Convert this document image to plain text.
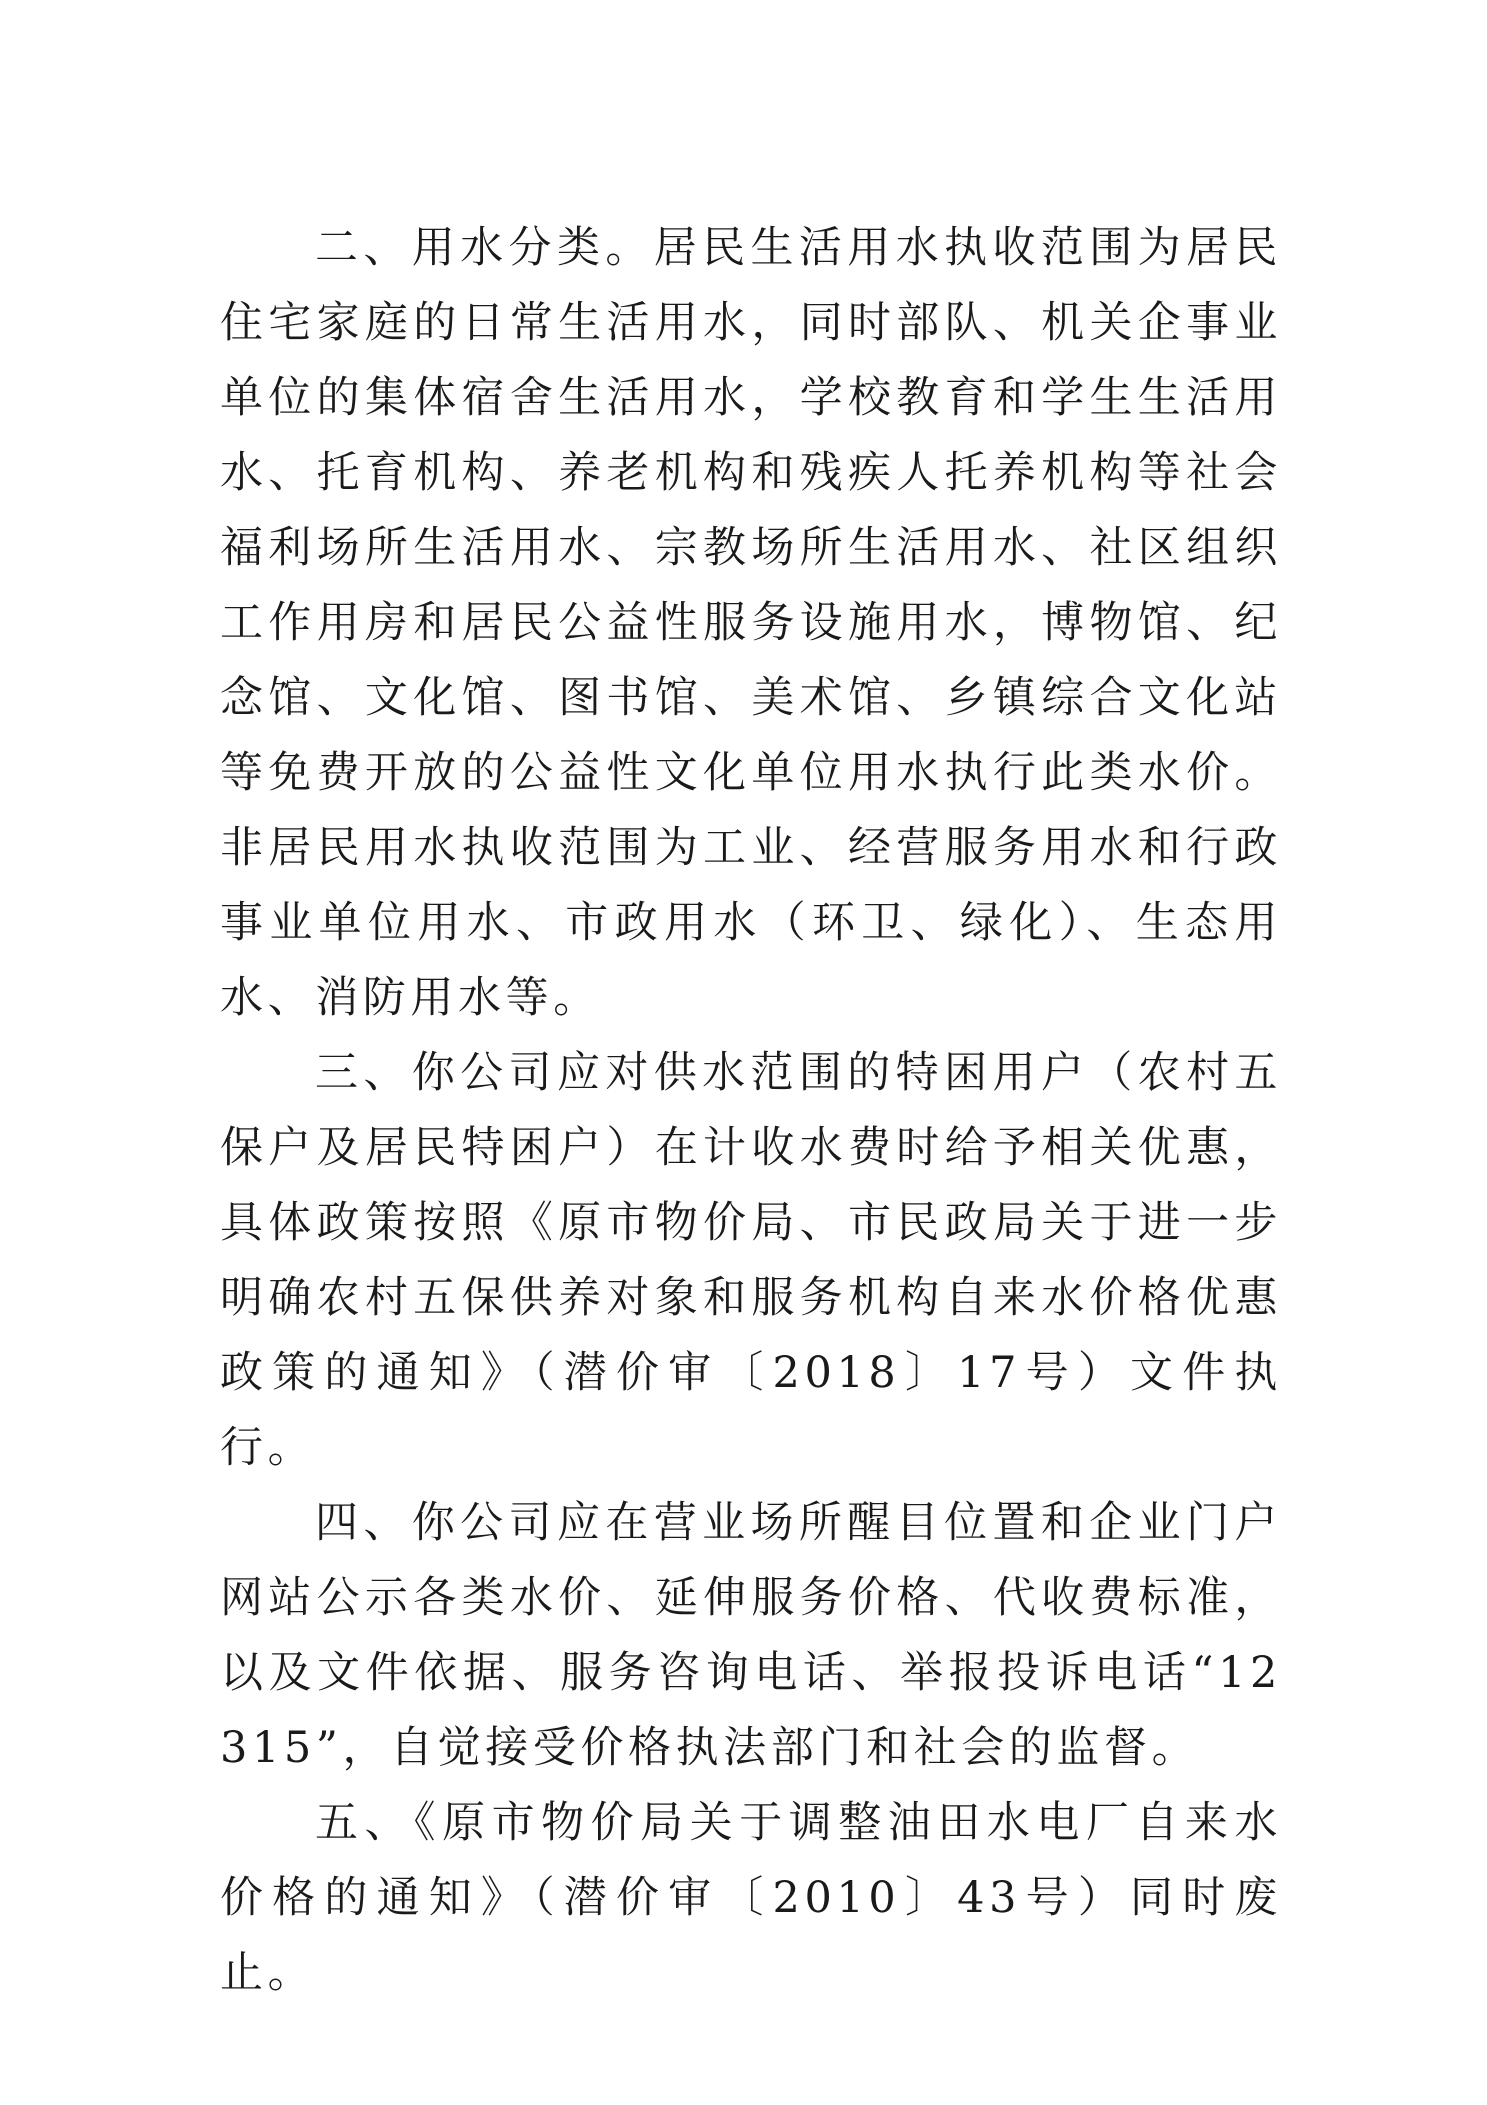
二、用水分类。居民生活用水执收范围为居民住宅家庭的日常生活用水，同时部队、机关企事业单位的集体宿舍生活用水，学校教育和学生生活用水、托育机构、养老机构和残疾人托养机构等社会福利场所生活用水、宗教场所生活用水、社区组织工作用房和居民公益性服务设施用水，博物馆、纪念馆、文化馆、图书馆、美术馆、乡镇综合文化站等免费开放的公益性文化单位用水执行此类水价。非居民用水执收范围为工业、经营服务用水和行政事业单位用水、市政用水（环卫、绿化）、生态用水、消防用水等。

三、你公司应对供水范围的特困用户（农村五保户及居民特困户）在计收水费时给予相关优惠，具体政策按照《原市物价局、市民政局关于进一步明确农村五保供养对象和服务机构自来水价格优惠政策的通知》（潜价审〔2018〕17号）文件执行。

四、你公司应在营业场所醒目位置和企业门户网站公示各类水价、延伸服务价格、代收费标准，以及文件依据、服务咨询电话、举报投诉电话“12315”，自觉接受价格执法部门和社会的监督。

五、《原市物价局关于调整油田水电厂自来水价格的通知》（潜价审〔2010〕43号）同时废止。
